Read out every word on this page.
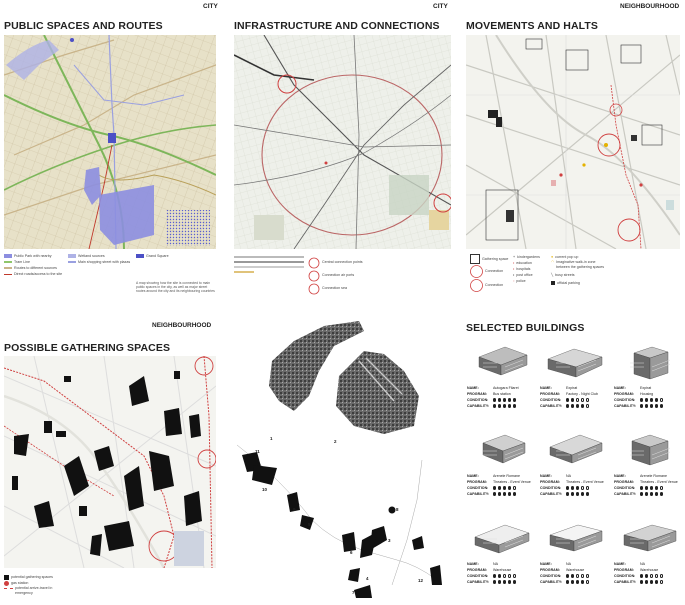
PUBLIC SPACES AND ROUTES
CITY
Public Park with nearby
Tram Line
Routes to different sources
Direct roads/access to the site
Wetland sources
Main shopping street with plazas
Grand Square
A map showing how the site is connected to main public spaces in the city, as well as major street routes around the city and its neighbouring countries
INFRASTRUCTURE AND CONNECTIONS
CITY
Central connection points
Connection air ports
Connection sea
MOVEMENTS AND HALTS
NEIGHBOURHOOD
Gathering space
Connection
Connection
+ kindergardens
• education
• hospitals
• post office
▫ police
● current pop up
◠ Imaginative walk-in zone between the gathering spaces
╲ busy streets
official parking
NEIGHBOURHOOD
POSSIBLE GATHERING SPACES
potential gathering spaces
gas station
potential arrive-travel in emergency
2
1
11
10
9
5
8
3
6
4
7
12
SELECTED BUILDINGS
NAME:	Autogara Filaret
PROGRAM:	Bus station
CONDITION:
CAPABILITY:
NAME:	Expirat
PROGRAM:	Factory - Night Club
CONDITION:
CAPABILITY:
NAME:	Expirat
PROGRAM:	Housing
CONDITION:
CAPABILITY:
NAME:	Arenele Romane
PROGRAM:	Theatres - Event Venue
CONDITION:
CAPABILITY:
NAME:	NA
PROGRAM:	Theatres - Event Venue
CONDITION:
CAPABILITY:
NAME:	Arenele Romane
PROGRAM:	Theatres - Event Venue
CONDITION:
CAPABILITY:
NAME:	NA
PROGRAM:	Warehouse
CONDITION:
CAPABILITY:
NAME:	NA
PROGRAM:	Warehouse
CONDITION:
CAPABILITY:
NAME:	NA
PROGRAM:	Warehouse
CONDITION:
CAPABILITY:
